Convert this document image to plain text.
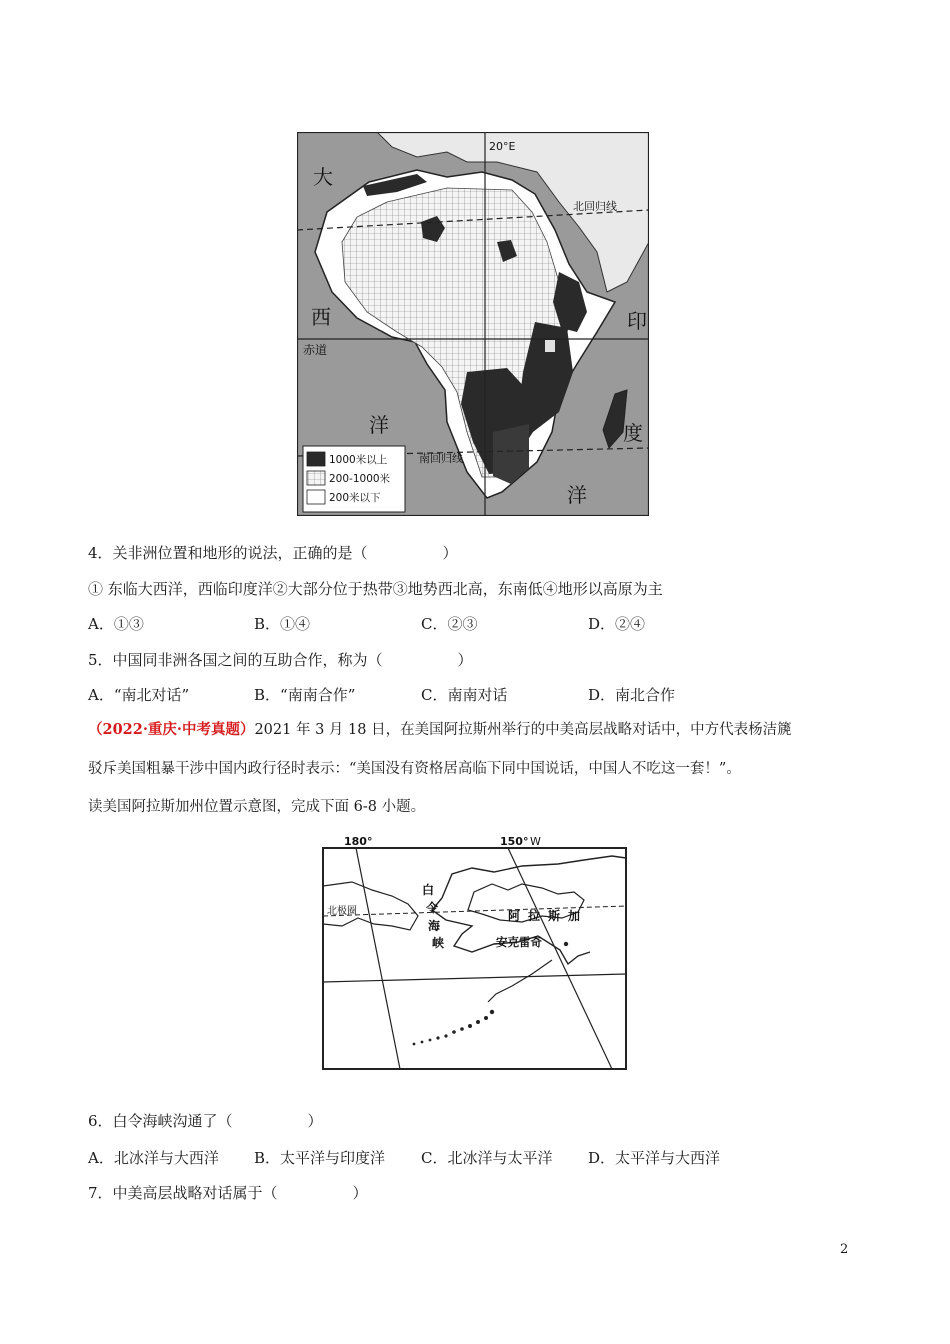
20°E
北回归线
赤道
南回归线
大
西
洋
印
度
洋
1000米以上
200-1000米
200米以下
4．关非洲位置和地形的说法，正确的是（　　　　　）
① 东临大西洋，西临印度洋②大部分位于热带③地势西北高，东南低④地形以高原为主
A．①③	B．①④	C．②③	D．②④
5．中国同非洲各国之间的互助合作，称为（　　　　　）
A．“南北对话”	B．“南南合作”	C．南南对话	D．南北合作
（2022·重庆·中考真题）2021 年 3 月 18 日，在美国阿拉斯州举行的中美高层战略对话中，中方代表杨洁篪
驳斥美国粗暴干涉中国内政行径时表示：“美国没有资格居高临下同中国说话，中国人不吃这一套！”。
读美国阿拉斯加州位置示意图，完成下面 6-8 小题。
180°	150° W
北极圈
白
令
海
峡
阿 拉 斯 加
安克雷奇
6．白令海峡沟通了（　　　　　）
A．北冰洋与大西洋 B．太平洋与印度洋 C．北冰洋与太平洋 D．太平洋与大西洋
7．中美高层战略对话属于（　　　　　）
2
